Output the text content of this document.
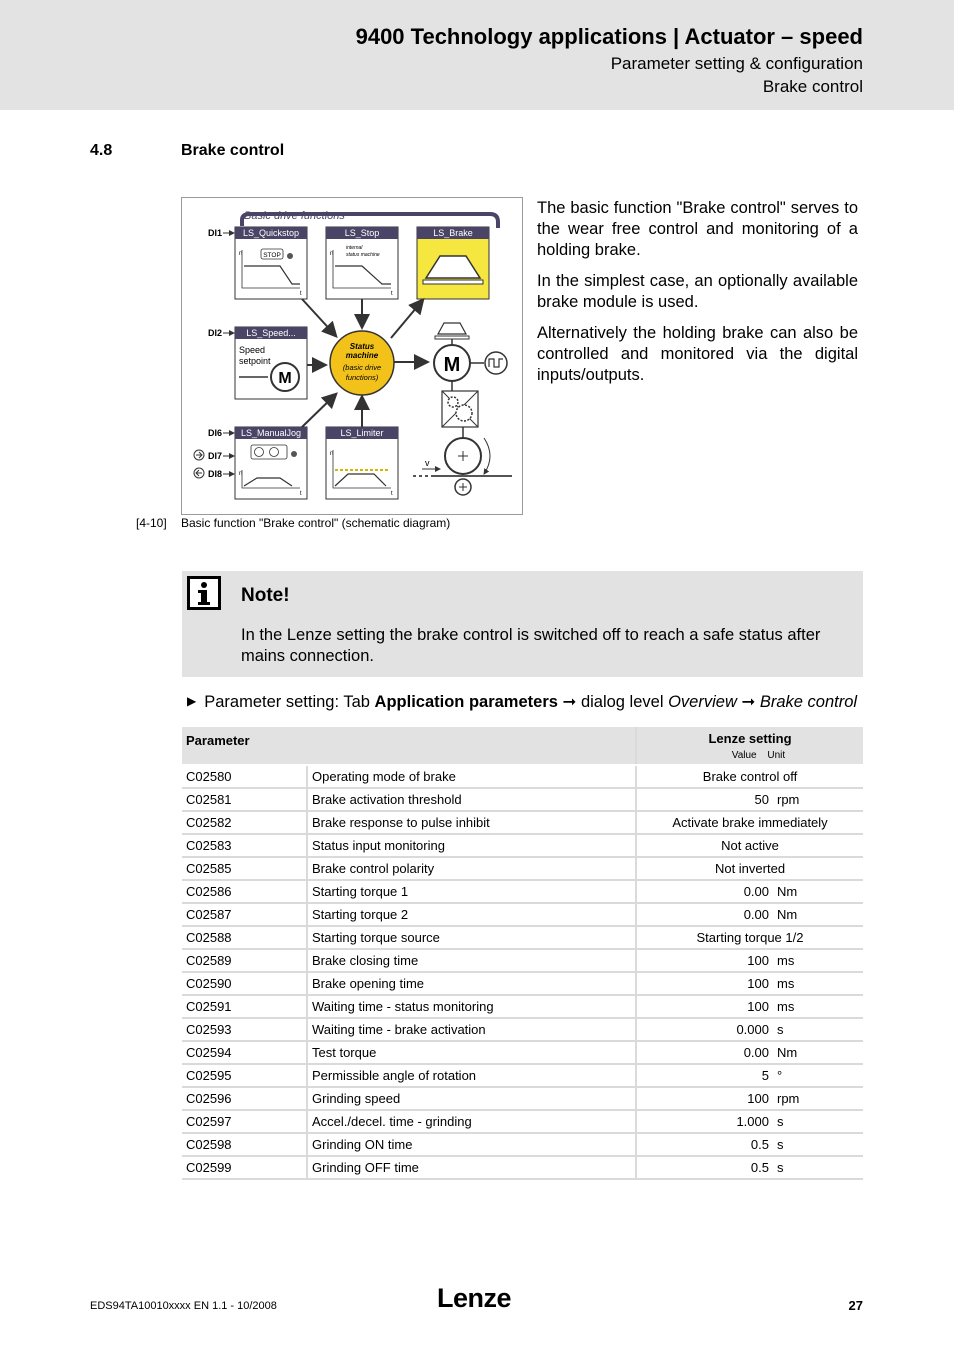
9400 Technology applications | Actuator – speed
Parameter setting & configuration
Brake control
4.8	Brake control
Basic drive functions
DI1
DI2
DI6
DI7
DI8
LS_Quickstop
n
t
STOP
LS_Stop
internal
status machine
n
t
LS_Brake
LS_Speed...
Speed
setpoint
M
LS_ManualJog
n
t
LS_Limiter
n
t
Status
machine
(basic drive
functions)
M
v

The basic function "Brake control" serves to the wear free control and monitoring of a holding brake.

In the simplest case, an optionally available brake module is used.

Alternatively the holding brake can also be controlled and monitored via the digital inputs/outputs.

[4-10] Basic function "Brake control" (schematic diagram)
Note!
In the Lenze setting the brake control is switched off to reach a safe status after mains connection.
▶ Parameter setting: Tab Application parameters ➞ dialog level Overview ➞ Brake control
Parameter		Lenze setting
Value Unit	

C02580	Operating mode of brake	Brake control off	
C02581	Brake activation threshold	50	rpm
C02582	Brake response to pulse inhibit	Activate brake immediately	
C02583	Status input monitoring	Not active	
C02585	Brake control polarity	Not inverted	
C02586	Starting torque 1	0.00	Nm
C02587	Starting torque 2	0.00	Nm
C02588	Starting torque source	Starting torque 1/2	
C02589	Brake closing time	100	ms
C02590	Brake opening time	100	ms
C02591	Waiting time - status monitoring	100	ms
C02593	Waiting time - brake activation	0.000	s
C02594	Test torque	0.00	Nm
C02595	Permissible angle of rotation	5	°
C02596	Grinding speed	100	rpm
C02597	Accel./decel. time - grinding	1.000	s
C02598	Grinding ON time	0.5	s
C02599	Grinding OFF time	0.5	s
EDS94TA10010xxxx EN 1.1 - 10/2008	Lenze	27
